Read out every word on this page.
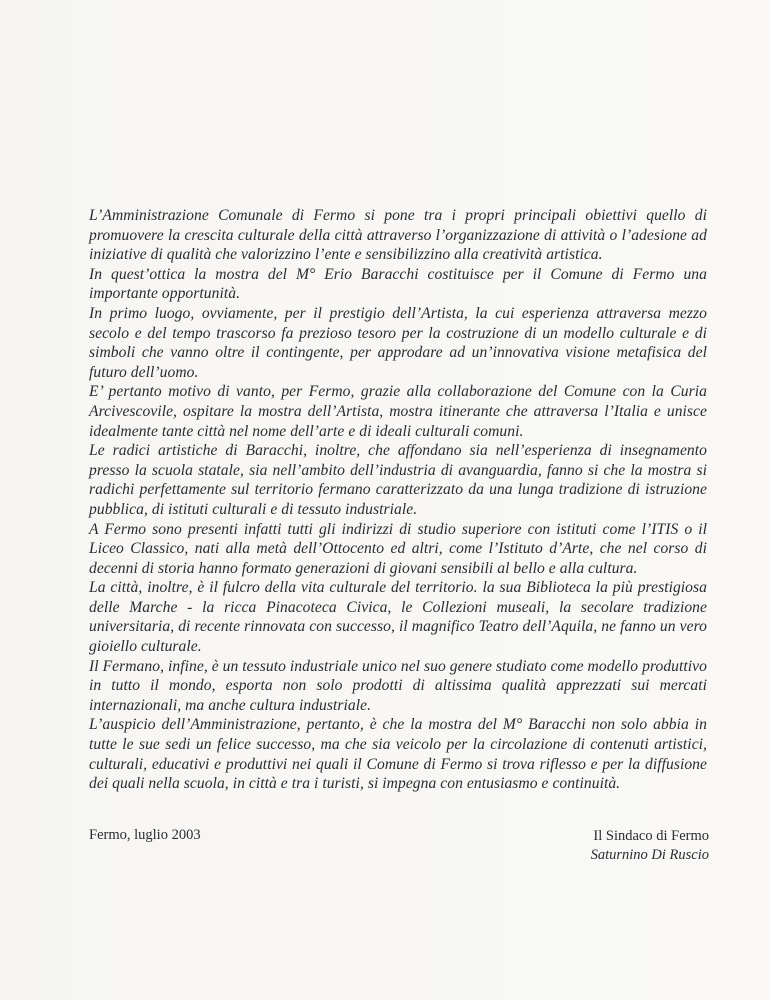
L’Amministrazione Comunale di Fermo si pone tra i propri principali obiettivi quello di promuovere la crescita culturale della città attraverso l’organizzazione di attività o l’adesione ad iniziative di qualità che valorizzino l’ente e sensibilizzino alla creatività artistica.

In quest’ottica la mostra del M° Erio Baracchi costituisce per il Comune di Fermo una importante opportunità.

In primo luogo, ovviamente, per il prestigio dell’Artista, la cui esperienza attraversa mezzo secolo e del tempo trascorso fa prezioso tesoro per la costruzione di un modello culturale e di simboli che vanno oltre il contingente, per approdare ad un’innovativa visione metafisica del futuro dell’uomo.

E’ pertanto motivo di vanto, per Fermo, grazie alla collaborazione del Comune con la Curia Arcivescovile, ospitare la mostra dell’Artista, mostra itinerante che attraversa l’Italia e unisce idealmente tante città nel nome dell’arte e di ideali culturali comuni.

Le radici artistiche di Baracchi, inoltre, che affondano sia nell’esperienza di insegnamento presso la scuola statale, sia nell’ambito dell’industria di avanguardia, fanno si che la mostra si radichi perfettamente sul territorio fermano caratterizzato da una lunga tradizione di istruzione pubblica, di istituti culturali e di tessuto industriale.

A Fermo sono presenti infatti tutti gli indirizzi di studio superiore con istituti come l’ITIS o il Liceo Classico, nati alla metà dell’Ottocento ed altri, come l’Istituto d’Arte, che nel corso di decenni di storia hanno formato generazioni di giovani sensibili al bello e alla cultura.

La città, inoltre, è il fulcro della vita culturale del territorio. la sua Biblioteca la più prestigiosa delle Marche - la ricca Pinacoteca Civica, le Collezioni museali, la secolare tradizione universitaria, di recente rinnovata con successo, il magnifico Teatro dell’Aquila, ne fanno un vero gioiello culturale.

Il Fermano, infine, è un tessuto industriale unico nel suo genere studiato come modello produttivo in tutto il mondo, esporta non solo prodotti di altissima qualità apprezzati sui mercati internazionali, ma anche cultura industriale.

L’auspicio dell’Amministrazione, pertanto, è che la mostra del M° Baracchi non solo abbia in tutte le sue sedi un felice successo, ma che sia veicolo per la circolazione di contenuti artistici, culturali, educativi e produttivi nei quali il Comune di Fermo si trova riflesso e per la diffusione dei quali nella scuola, in città e tra i turisti, si impegna con entusiasmo e continuità.

Fermo, luglio 2003	Il Sindaco di Fermo
Saturnino Di Ruscio
